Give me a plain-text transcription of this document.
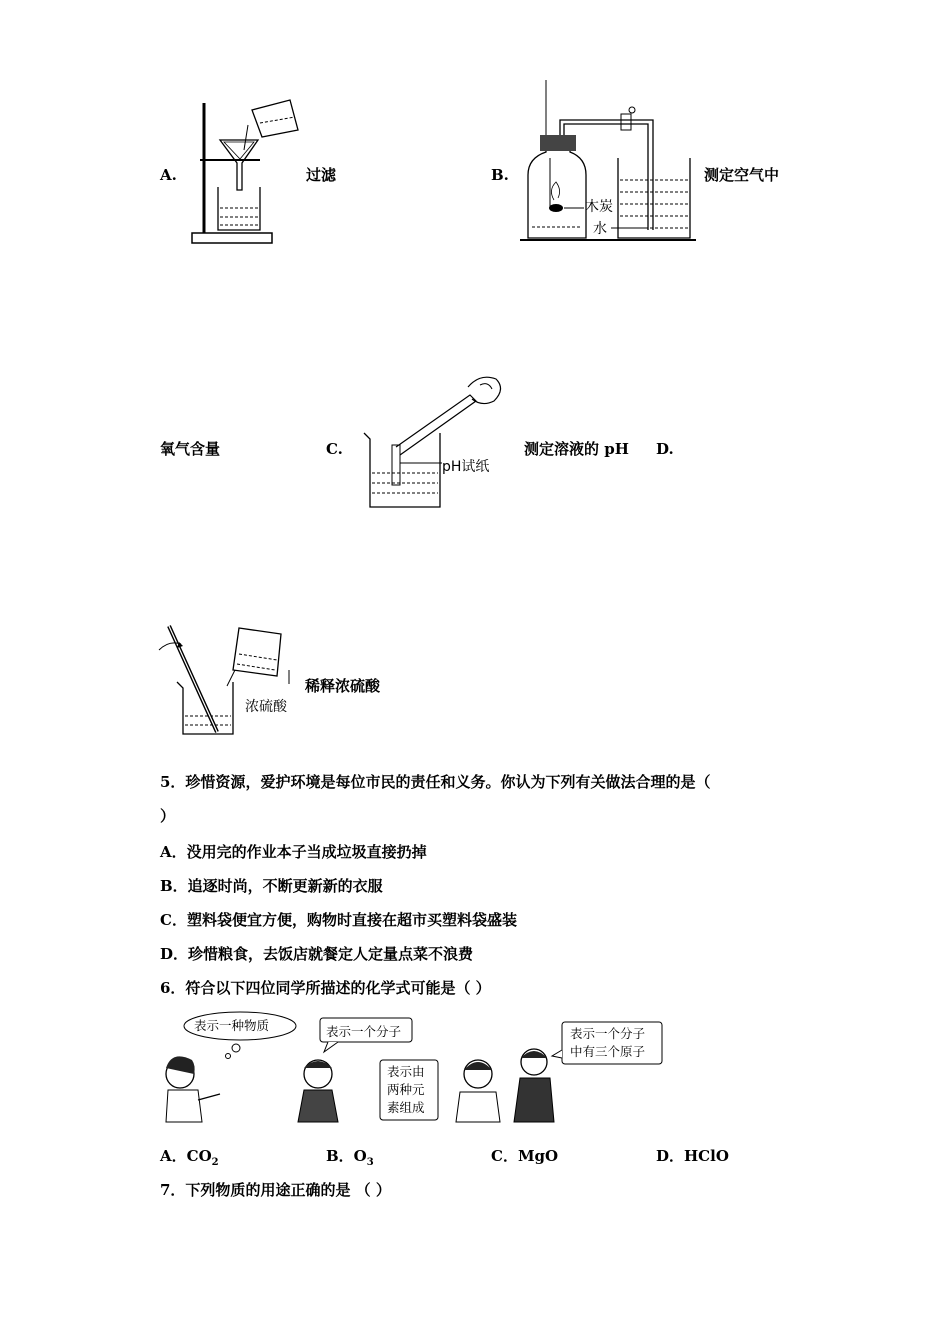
A.	过滤	B.
木炭
水
测定空气中
氧气含量	C.
pH试纸
测定溶液的 pH D.
浓硫酸
稀释浓硫酸
5．珍惜资源，爱护环境是每位市民的责任和义务。你认为下列有关做法合理的是（
）
A．没用完的作业本子当成垃圾直接扔掉
B．追逐时尚，不断更新新的衣服
C．塑料袋便宜方便，购物时直接在超市买塑料袋盛装
D．珍惜粮食，去饭店就餐定人定量点菜不浪费
6．符合以下四位同学所描述的化学式可能是（ ）
表示一种物质	表示一个分子
表示由
两种元
素组成
表示一个分子
中有三个原子
A．$CO_2$	B．$O_3$	C．MgO	D．HClO
7．下列物质的用途正确的是 （ ）
